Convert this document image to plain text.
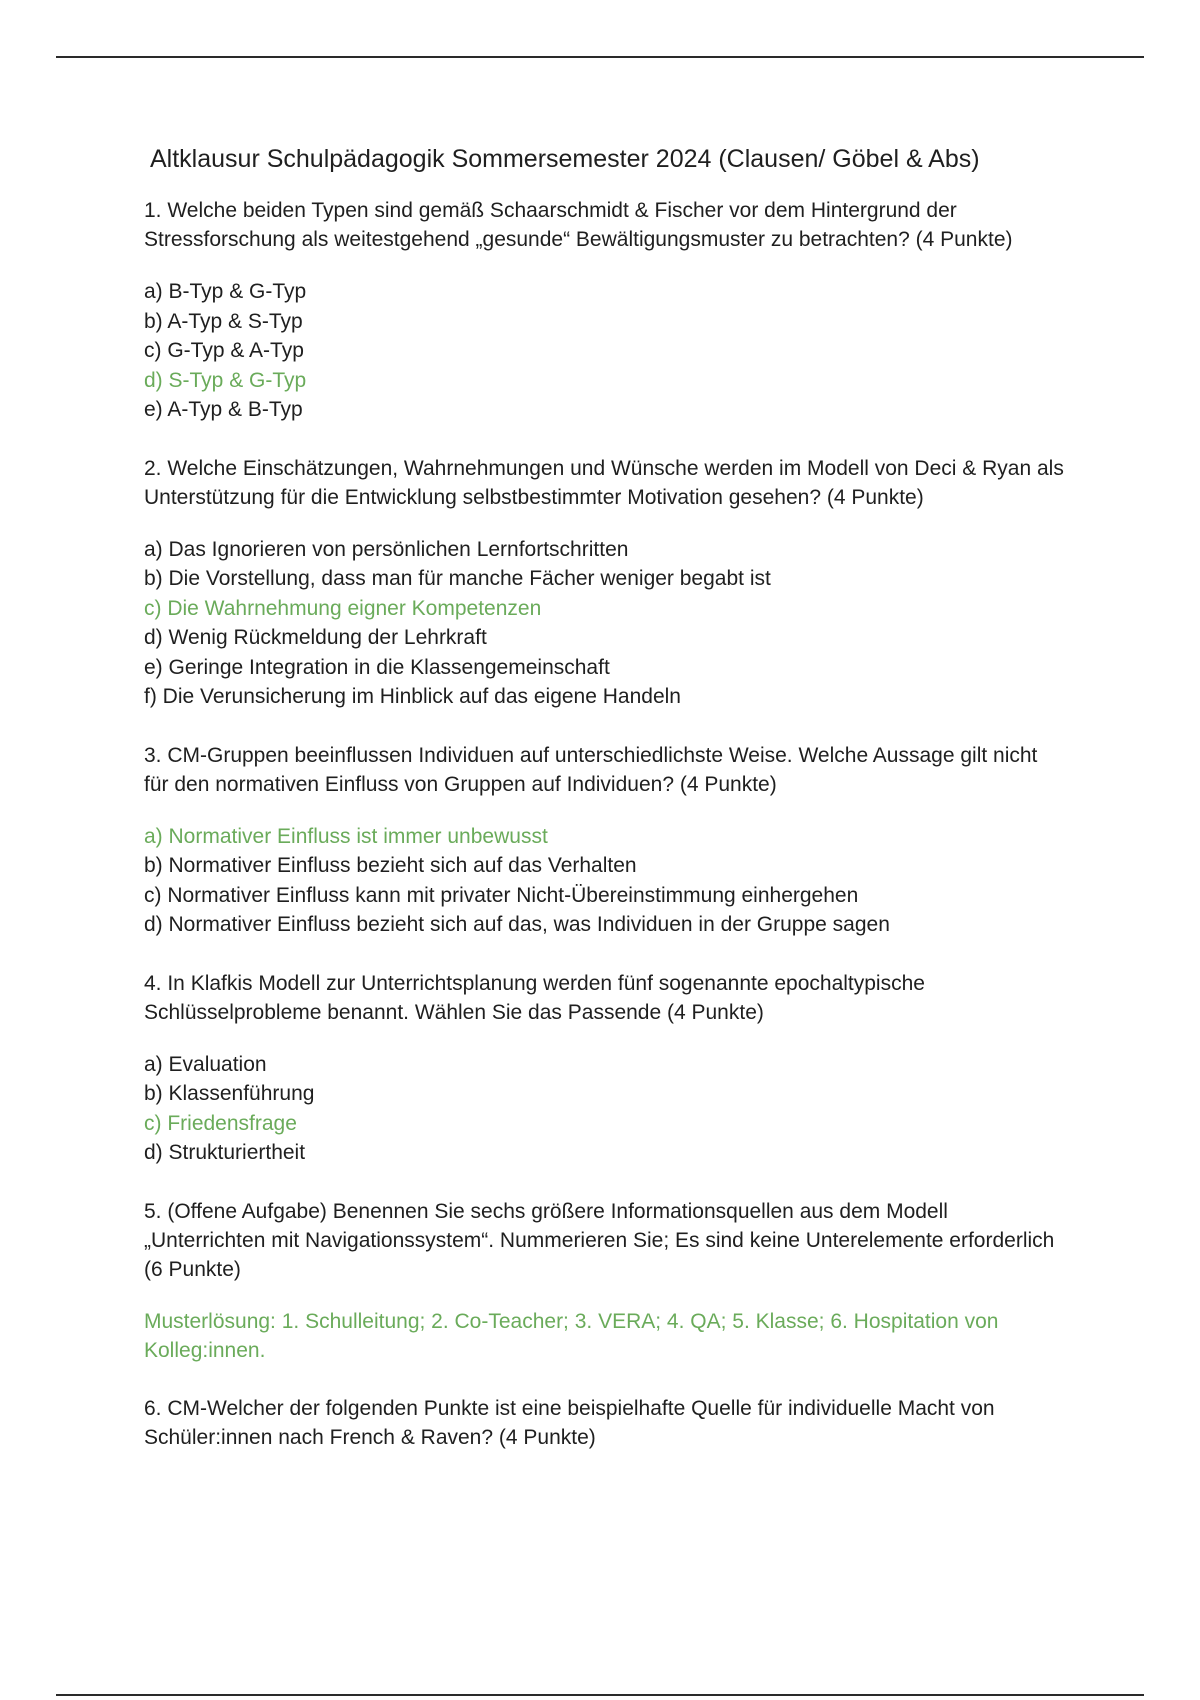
Altklausur Schulpädagogik Sommersemester 2024 (Clausen/ Göbel & Abs)

1. Welche beiden Typen sind gemäß Schaarschmidt & Fischer vor dem Hintergrund der Stressforschung als weitestgehend „gesunde“ Bewältigungsmuster zu betrachten? (4 Punkte)

a) B-Typ & G-Typ
b) A-Typ & S-Typ
c) G-Typ & A-Typ
d) S-Typ & G-Typ
e) A-Typ & B-Typ

2. Welche Einschätzungen, Wahrnehmungen und Wünsche werden im Modell von Deci & Ryan als Unterstützung für die Entwicklung selbstbestimmter Motivation gesehen? (4 Punkte)

a) Das Ignorieren von persönlichen Lernfortschritten
b) Die Vorstellung, dass man für manche Fächer weniger begabt ist
c) Die Wahrnehmung eigner Kompetenzen
d) Wenig Rückmeldung der Lehrkraft
e) Geringe Integration in die Klassengemeinschaft
f) Die Verunsicherung im Hinblick auf das eigene Handeln

3. CM-Gruppen beeinflussen Individuen auf unterschiedlichste Weise. Welche Aussage gilt nicht für den normativen Einfluss von Gruppen auf Individuen? (4 Punkte)

a) Normativer Einfluss ist immer unbewusst
b) Normativer Einfluss bezieht sich auf das Verhalten
c) Normativer Einfluss kann mit privater Nicht-Übereinstimmung einhergehen
d) Normativer Einfluss bezieht sich auf das, was Individuen in der Gruppe sagen

4. In Klafkis Modell zur Unterrichtsplanung werden fünf sogenannte epochaltypische Schlüsselprobleme benannt. Wählen Sie das Passende (4 Punkte)

a) Evaluation
b) Klassenführung
c) Friedensfrage
d) Strukturiertheit

5. (Offene Aufgabe) Benennen Sie sechs größere Informationsquellen aus dem Modell „Unterrichten mit Navigationssystem“. Nummerieren Sie; Es sind keine Unterelemente erforderlich (6 Punkte)

Musterlösung: 1. Schulleitung; 2. Co-Teacher; 3. VERA; 4. QA; 5. Klasse; 6. Hospitation von Kolleg:innen.

6. CM-Welcher der folgenden Punkte ist eine beispielhafte Quelle für individuelle Macht von Schüler:innen nach French & Raven? (4 Punkte)
